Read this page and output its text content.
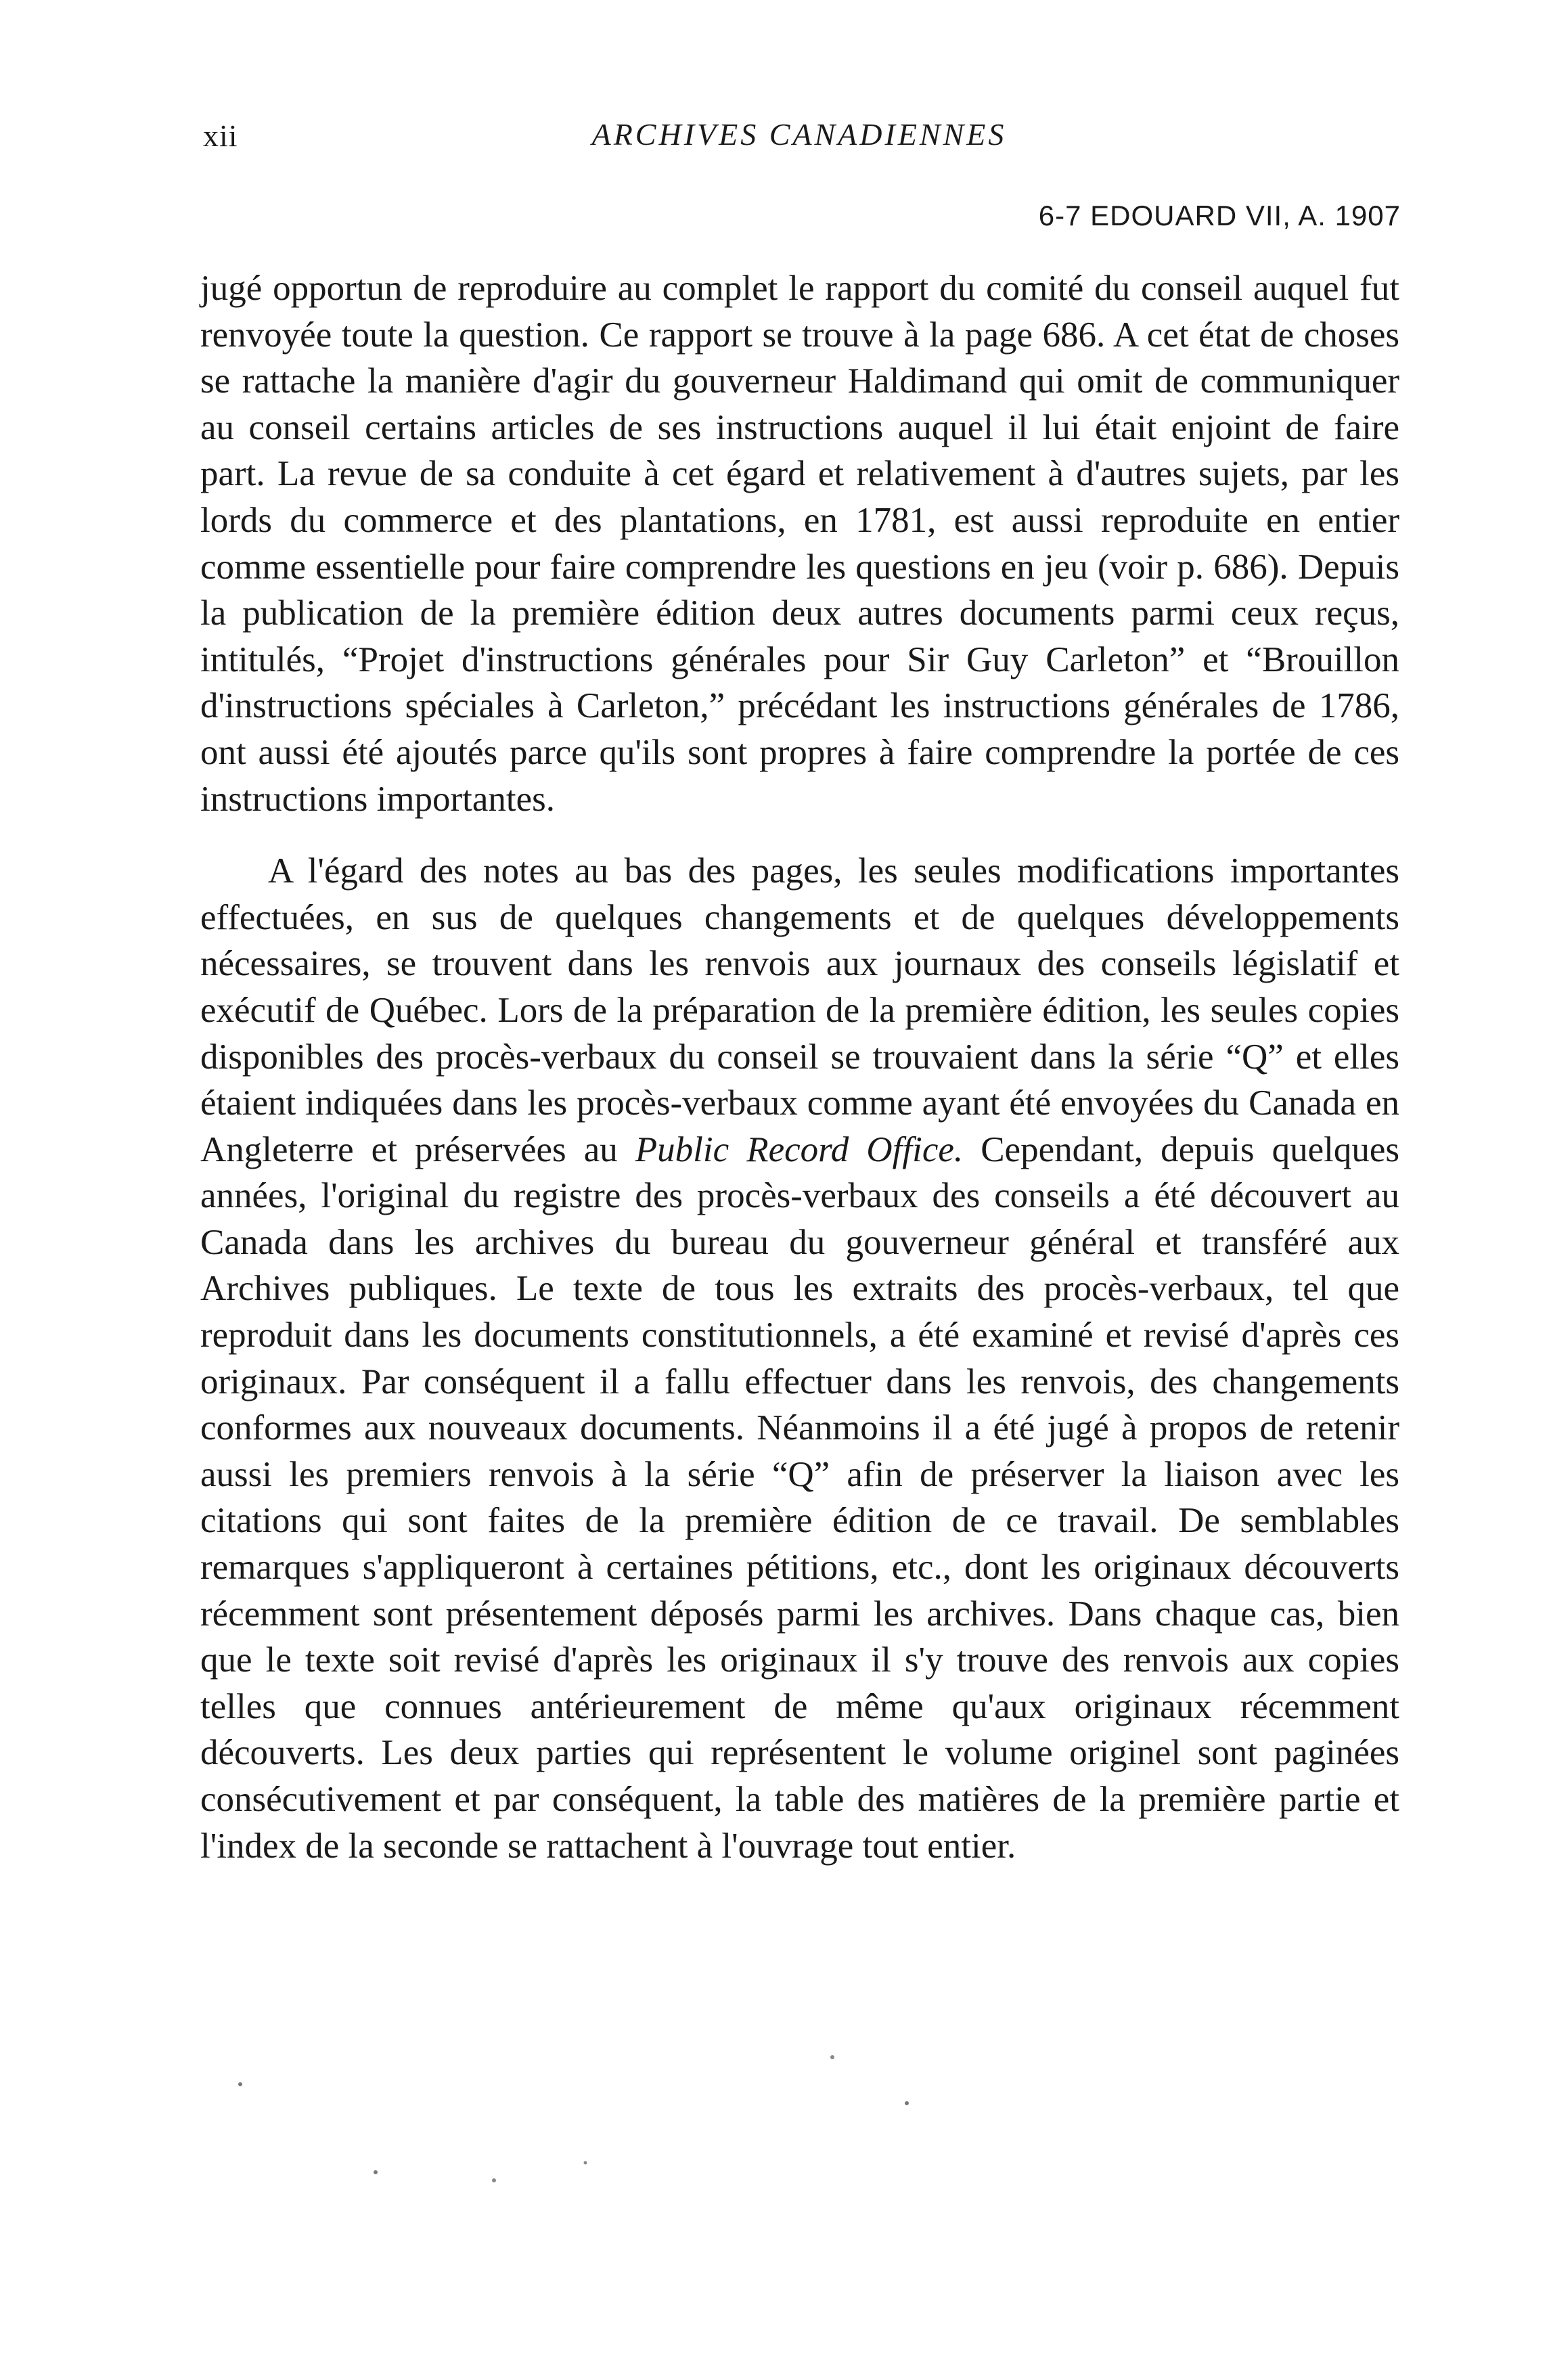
xii	ARCHIVES CANADIENNES
6-7 EDOUARD VII, A. 1907

jugé opportun de reproduire au complet le rapport du comité du conseil auquel fut renvoyée toute la question. Ce rapport se trouve à la page 686. A cet état de choses se rattache la manière d'agir du gouverneur Haldimand qui omit de communiquer au conseil certains articles de ses instructions auquel il lui était enjoint de faire part. La revue de sa conduite à cet égard et relativement à d'autres sujets, par les lords du commerce et des plantations, en 1781, est aussi reproduite en entier comme essentielle pour faire comprendre les questions en jeu (voir p. 686). Depuis la publication de la première édition deux autres documents parmi ceux reçus, intitulés, “Projet d'instructions générales pour Sir Guy Carleton” et “Brouillon d'instructions spéciales à Carleton,” précédant les instructions générales de 1786, ont aussi été ajoutés parce qu'ils sont propres à faire comprendre la portée de ces instructions importantes.

A l'égard des notes au bas des pages, les seules modifications importantes effectuées, en sus de quelques changements et de quelques développements nécessaires, se trouvent dans les renvois aux journaux des conseils législatif et exécutif de Québec. Lors de la préparation de la première édition, les seules copies disponibles des procès-verbaux du conseil se trouvaient dans la série “Q” et elles étaient indiquées dans les procès-verbaux comme ayant été envoyées du Canada en Angleterre et préservées au Public Record Office. Cependant, depuis quelques années, l'original du registre des procès-verbaux des conseils a été découvert au Canada dans les archives du bureau du gouverneur général et transféré aux Archives publiques. Le texte de tous les extraits des procès-verbaux, tel que reproduit dans les documents constitutionnels, a été examiné et revisé d'après ces originaux. Par conséquent il a fallu effectuer dans les renvois, des changements conformes aux nouveaux documents. Néanmoins il a été jugé à propos de retenir aussi les premiers renvois à la série “Q” afin de préserver la liaison avec les citations qui sont faites de la première édition de ce travail. De semblables remarques s'appliqueront à certaines pétitions, etc., dont les originaux découverts récemment sont présentement déposés parmi les archives. Dans chaque cas, bien que le texte soit revisé d'après les originaux il s'y trouve des renvois aux copies telles que connues antérieurement de même qu'aux originaux récemment découverts. Les deux parties qui représentent le volume originel sont paginées consécutivement et par conséquent, la table des matières de la première partie et l'index de la seconde se rattachent à l'ouvrage tout entier.
